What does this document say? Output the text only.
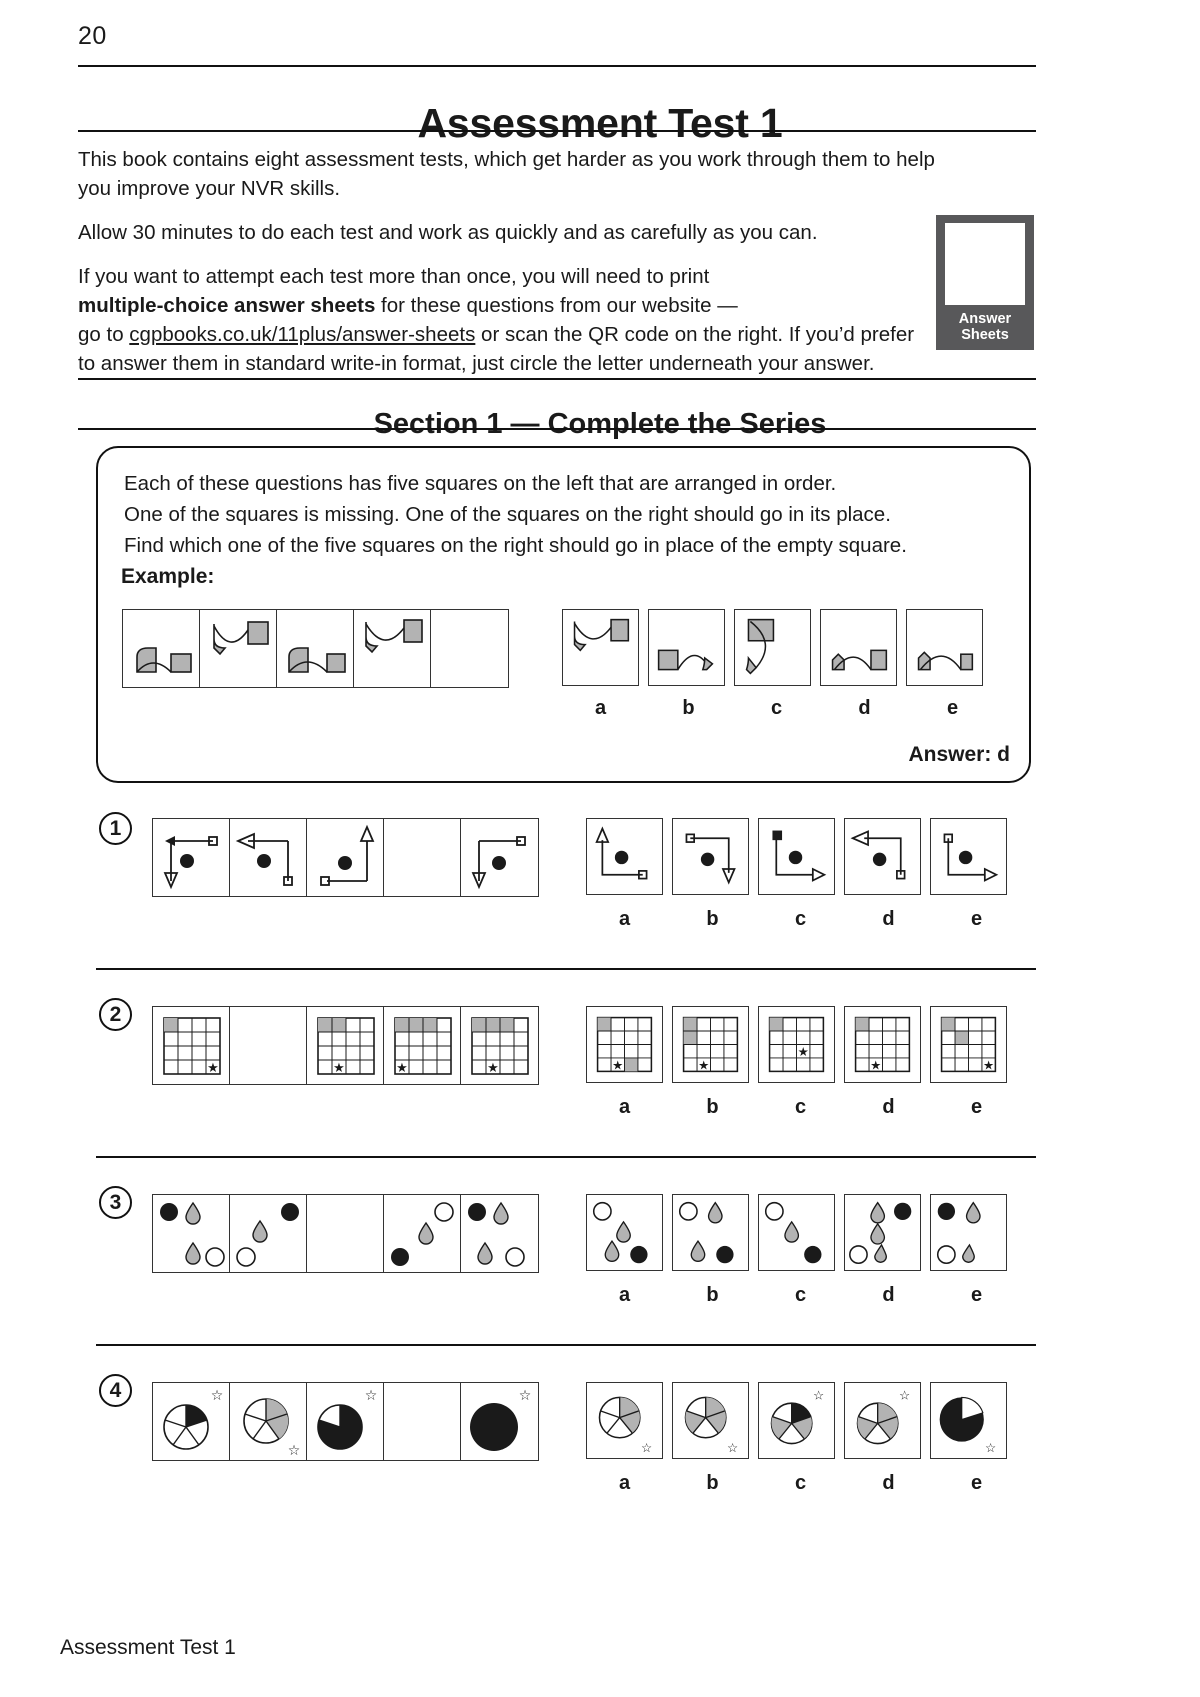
20
Assessment Test 1

This book contains eight assessment tests, which get harder as you work through them to help you improve your NVR skills.

Allow 30 minutes to do each test and work as quickly and as carefully as you can.

If you want to attempt each test more than once, you will need to print
multiple-choice answer sheets for these questions from our website —
go to cgpbooks.co.uk/11plus/answer-sheets or scan the QR code on the right. If you’d prefer
to answer them in standard write-in format, just circle the letter underneath your answer.

Answer
Sheets
Section 1 — Complete the Series
Each of these questions has five squares on the left that are arranged in order.
One of the squares is missing. One of the squares on the right should go in its place.
Find which one of the five squares on the right should go in place of the empty square.
Example:
a	b	c	d	e
Answer: d
1
a	b	c	d	e
2
★	★	★	★	★	★
★
★	★
a	b	c	d	e
3
a	b	c	d	e
4	☆
☆
☆	☆
☆	☆
☆	☆
☆
a	b	c	d	e
Assessment Test 1
